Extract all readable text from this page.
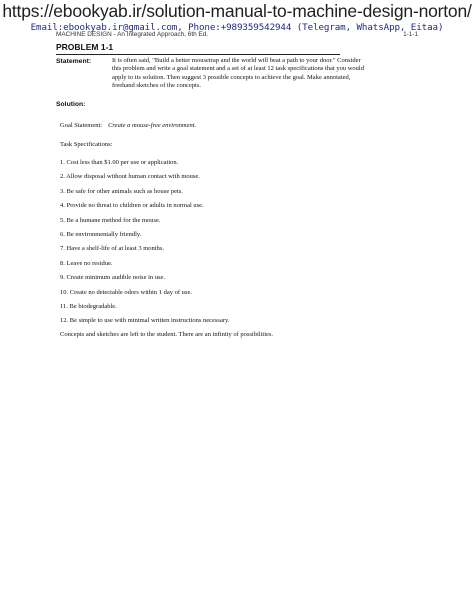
https://ebookyab.ir/solution-manual-to-machine-design-norton/
Email:ebookyab.ir@gmail.com, Phone:+989359542944 (Telegram, WhatsApp, Eitaa)
MACHINE DESIGN - An Integrated Approach, 6th Ed.	1-1-1
PROBLEM 1-1
Statement:	It is often said, "Build a better mousetrap and the world will beat a path to your door." Consider
this problem and write a goal statement and a set of at least 12 task specifications that you would
apply to its solution. Then suggest 3 possible concepts to achieve the goal. Make annotated,
freehand sketches of the concepts.
Solution:
Goal Statement: Create a mouse-free environment.
Task Specifications:
1. Cost less than $1.00 per use or application.
2. Allow disposal without human contact with mouse.
3. Be safe for other animals such as house pets.
4. Provide no threat to children or adults in normal use.
5. Be a humane method for the mouse.
6. Be environmentally friendly.
7. Have a shelf-life of at least 3 months.
8. Leave no residue.
9. Create minimum audible noise in use.
10. Create no detectable odors within 1 day of use.
11. Be biodegradable.
12. Be simple to use with minimal written instructions necessary.
Concepts and sketches are left to the student. There are an infinity of possibilities.
